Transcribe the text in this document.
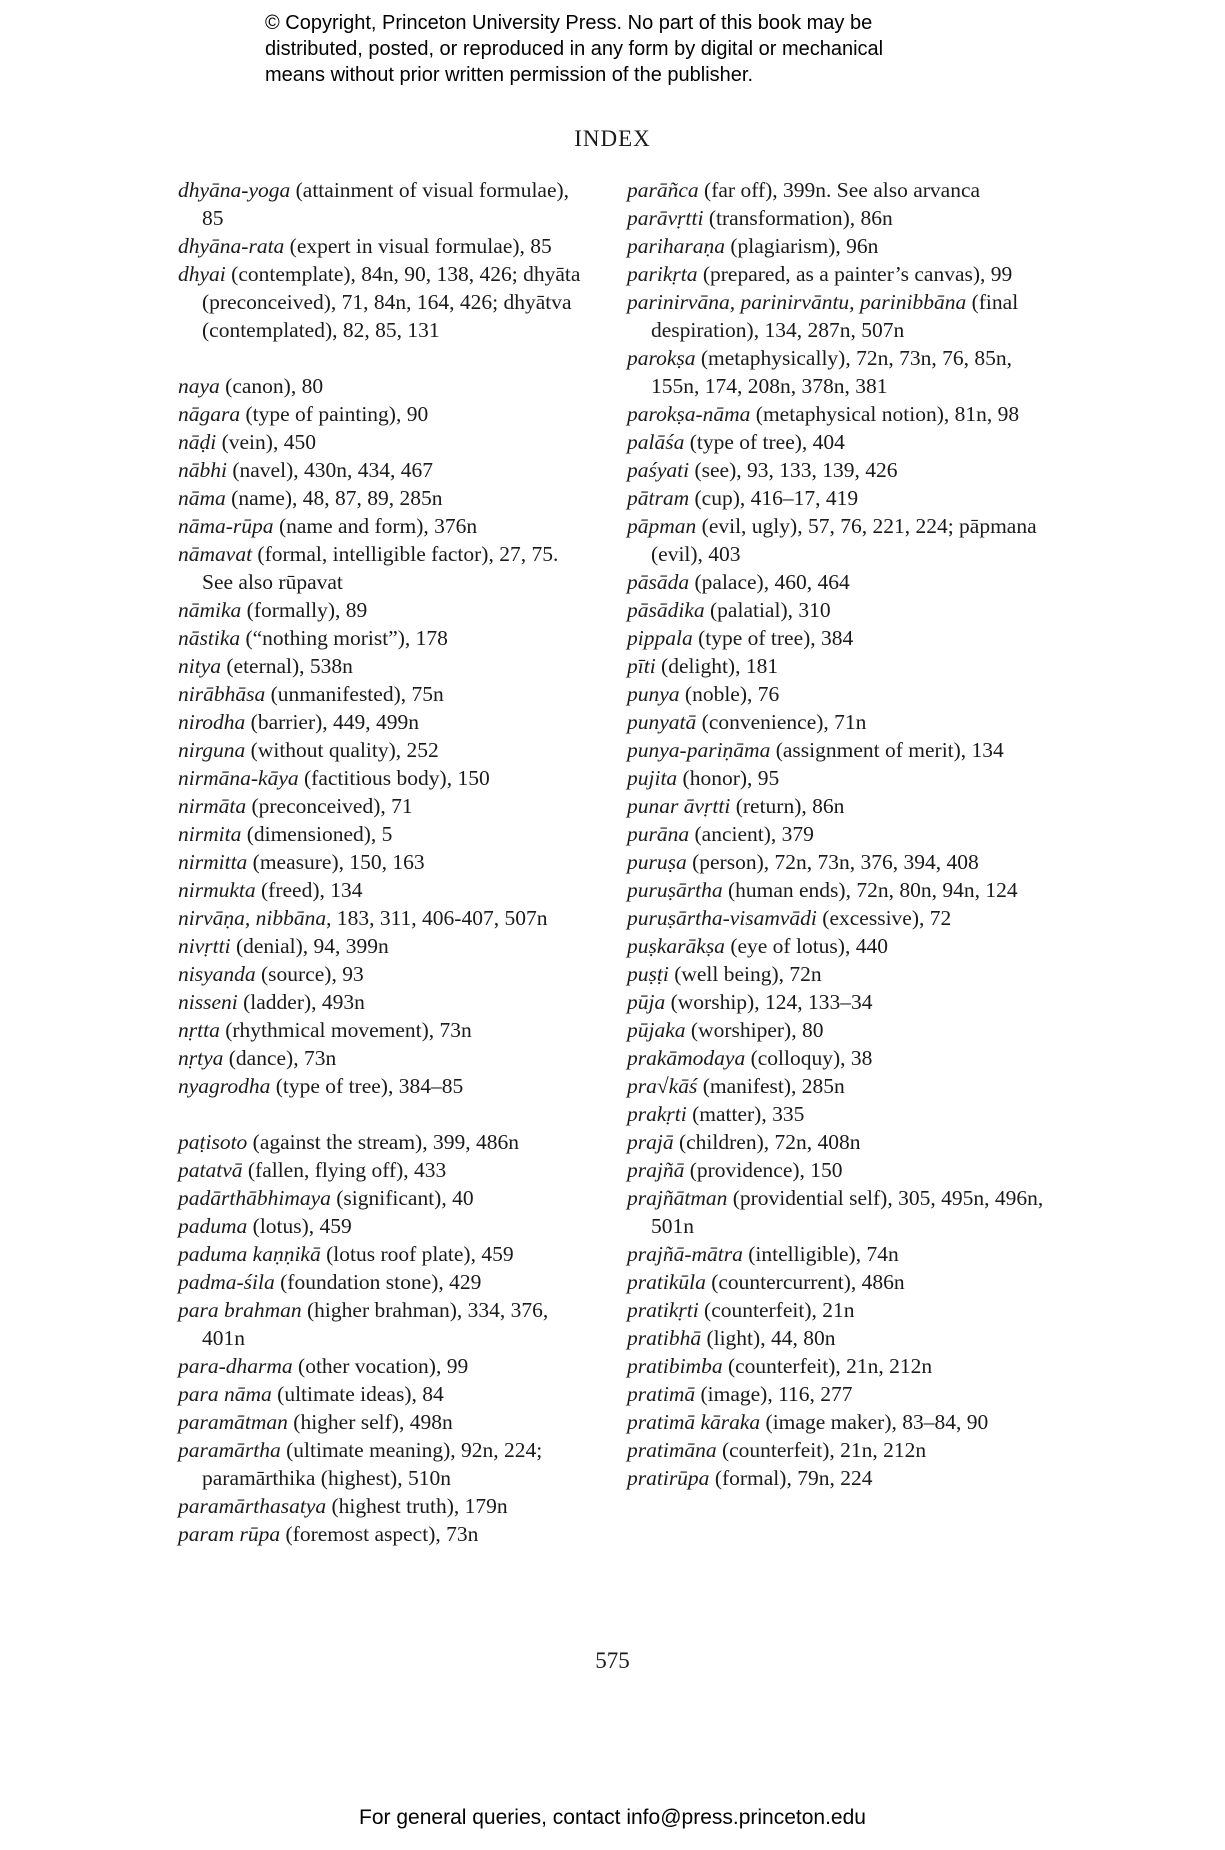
© Copyright, Princeton University Press. No part of this book may be
distributed, posted, or reproduced in any form by digital or mechanical
means without prior written permission of the publisher.
INDEX
dhyāna-yoga (attainment of visual formulae), 85
dhyāna-rata (expert in visual formulae), 85
dhyai (contemplate), 84n, 90, 138, 426; dhyāta (preconceived), 71, 84n, 164, 426; dhyātva (contemplated), 82, 85, 131
naya (canon), 80
nāgara (type of painting), 90
nāḍi (vein), 450
nābhi (navel), 430n, 434, 467
nāma (name), 48, 87, 89, 285n
nāma-rūpa (name and form), 376n
nāmavat (formal, intelligible factor), 27, 75. See also rūpavat
nāmika (formally), 89
nāstika (“nothing morist”), 178
nitya (eternal), 538n
nirābhāsa (unmanifested), 75n
nirodha (barrier), 449, 499n
nirguna (without quality), 252
nirmāna-kāya (factitious body), 150
nirmāta (preconceived), 71
nirmita (dimensioned), 5
nirmitta (measure), 150, 163
nirmukta (freed), 134
nirvāṇa, nibbāna, 183, 311, 406-407, 507n
nivṛtti (denial), 94, 399n
nisyanda (source), 93
nisseni (ladder), 493n
nṛtta (rhythmical movement), 73n
nṛtya (dance), 73n
nyagrodha (type of tree), 384–85
paṭisoto (against the stream), 399, 486n
patatvā (fallen, flying off), 433
padārthābhimaya (significant), 40
paduma (lotus), 459
paduma kaṇṇikā (lotus roof plate), 459
padma-śila (foundation stone), 429
para brahman (higher brahman), 334, 376, 401n
para-dharma (other vocation), 99
para nāma (ultimate ideas), 84
paramātman (higher self), 498n
paramārtha (ultimate meaning), 92n, 224; paramārthika (highest), 510n
paramārthasatya (highest truth), 179n
param rūpa (foremost aspect), 73n
parāñca (far off), 399n. See also arvanca
parāvṛtti (transformation), 86n
pariharaṇa (plagiarism), 96n
parikṛta (prepared, as a painter’s canvas), 99
parinirvāna, parinirvāntu, parinibbāna (final despiration), 134, 287n, 507n
parokṣa (metaphysically), 72n, 73n, 76, 85n, 155n, 174, 208n, 378n, 381
parokṣa-nāma (metaphysical notion), 81n, 98
palāśa (type of tree), 404
paśyati (see), 93, 133, 139, 426
pātram (cup), 416–17, 419
pāpman (evil, ugly), 57, 76, 221, 224; pāpmana (evil), 403
pāsāda (palace), 460, 464
pāsādika (palatial), 310
pippala (type of tree), 384
pīti (delight), 181
punya (noble), 76
punyatā (convenience), 71n
punya-pariṇāma (assignment of merit), 134
pujita (honor), 95
punar āvṛtti (return), 86n
purāna (ancient), 379
puruṣa (person), 72n, 73n, 376, 394, 408
puruṣārtha (human ends), 72n, 80n, 94n, 124
puruṣārtha-visamvādi (excessive), 72
puṣkarākṣa (eye of lotus), 440
puṣṭi (well being), 72n
pūja (worship), 124, 133–34
pūjaka (worshiper), 80
prakāmodaya (colloquy), 38
pra√kāś (manifest), 285n
prakṛti (matter), 335
prajā (children), 72n, 408n
prajñā (providence), 150
prajñātman (providential self), 305, 495n, 496n, 501n
prajñā-mātra (intelligible), 74n
pratikūla (countercurrent), 486n
pratikṛti (counterfeit), 21n
pratibhā (light), 44, 80n
pratibimba (counterfeit), 21n, 212n
pratimā (image), 116, 277
pratimā kāraka (image maker), 83–84, 90
pratimāna (counterfeit), 21n, 212n
pratirūpa (formal), 79n, 224
575
For general queries, contact info@press.princeton.edu
